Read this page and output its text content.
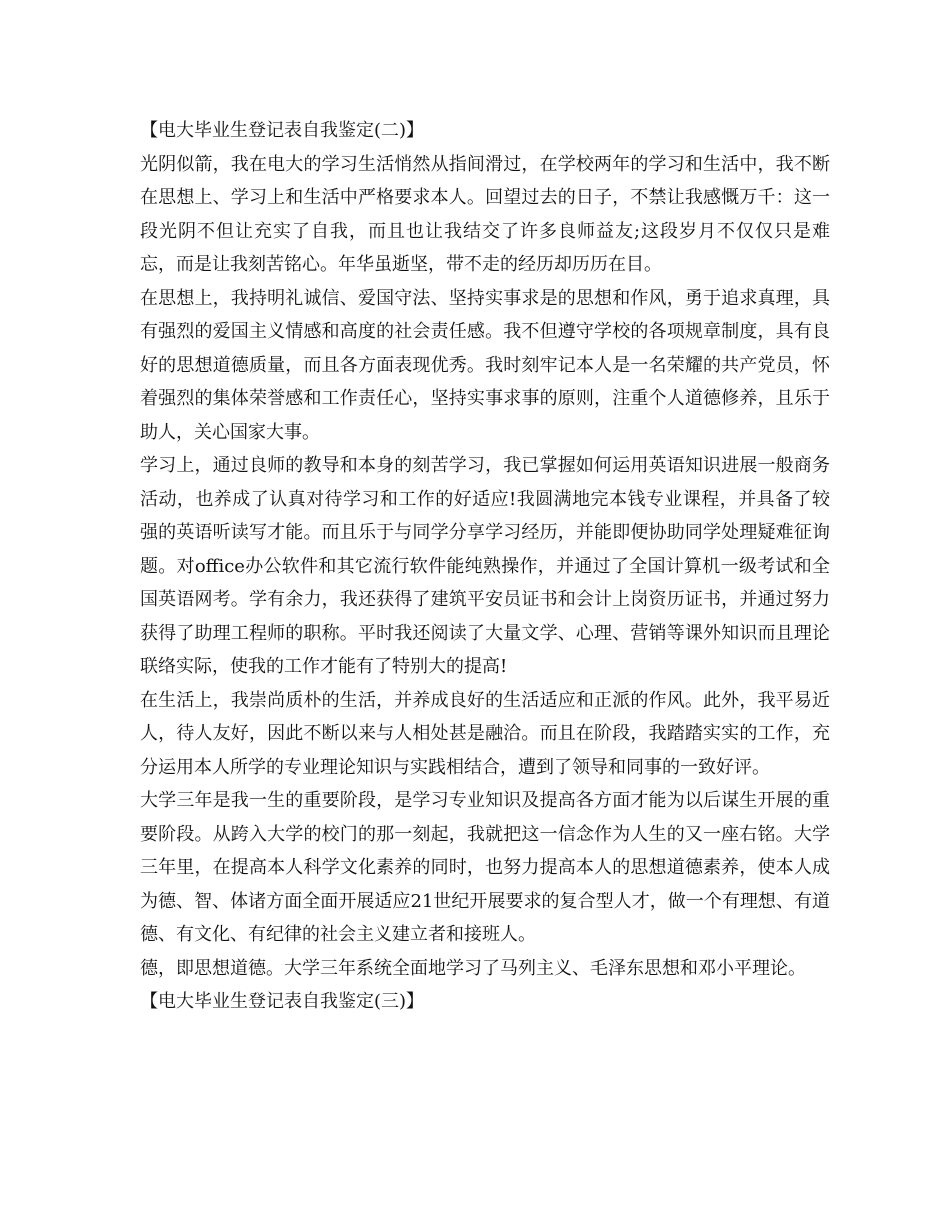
【电大毕业生登记表自我鉴定(二)】

光阴似箭，我在电大的学习生活悄然从指间滑过，在学校两年的学习和生活中，我不断在思想上、学习上和生活中严格要求本人。回望过去的日子，不禁让我感慨万千：这一段光阴不但让充实了自我，而且也让我结交了许多良师益友;这段岁月不仅仅只是难忘，而是让我刻苦铭心。年华虽逝坚，带不走的经历却历历在目。

在思想上，我持明礼诚信、爱国守法、坚持实事求是的思想和作风，勇于追求真理，具有强烈的爱国主义情感和高度的社会责任感。我不但遵守学校的各项规章制度，具有良好的思想道德质量，而且各方面表现优秀。我时刻牢记本人是一名荣耀的共产党员，怀着强烈的集体荣誉感和工作责任心，坚持实事求事的原则，注重个人道德修养，且乐于助人，关心国家大事。

学习上，通过良师的教导和本身的刻苦学习，我已掌握如何运用英语知识进展一般商务活动，也养成了认真对待学习和工作的好适应!我圆满地完本钱专业课程，并具备了较强的英语听读写才能。而且乐于与同学分享学习经历，并能即便协助同学处理疑难征询题。对office办公软件和其它流行软件能纯熟操作，并通过了全国计算机一级考试和全国英语网考。学有余力，我还获得了建筑平安员证书和会计上岗资历证书，并通过努力获得了助理工程师的职称。平时我还阅读了大量文学、心理、营销等课外知识而且理论联络实际，使我的工作才能有了特别大的提高!

在生活上，我崇尚质朴的生活，并养成良好的生活适应和正派的作风。此外，我平易近人，待人友好，因此不断以来与人相处甚是融洽。而且在阶段，我踏踏实实的工作，充分运用本人所学的专业理论知识与实践相结合，遭到了领导和同事的一致好评。

大学三年是我一生的重要阶段，是学习专业知识及提高各方面才能为以后谋生开展的重要阶段。从跨入大学的校门的那一刻起，我就把这一信念作为人生的又一座右铭。大学三年里，在提高本人科学文化素养的同时，也努力提高本人的思想道德素养，使本人成为德、智、体诸方面全面开展适应21世纪开展要求的复合型人才，做一个有理想、有道德、有文化、有纪律的社会主义建立者和接班人。

德，即思想道德。大学三年系统全面地学习了马列主义、毛泽东思想和邓小平理论。

【电大毕业生登记表自我鉴定(三)】
